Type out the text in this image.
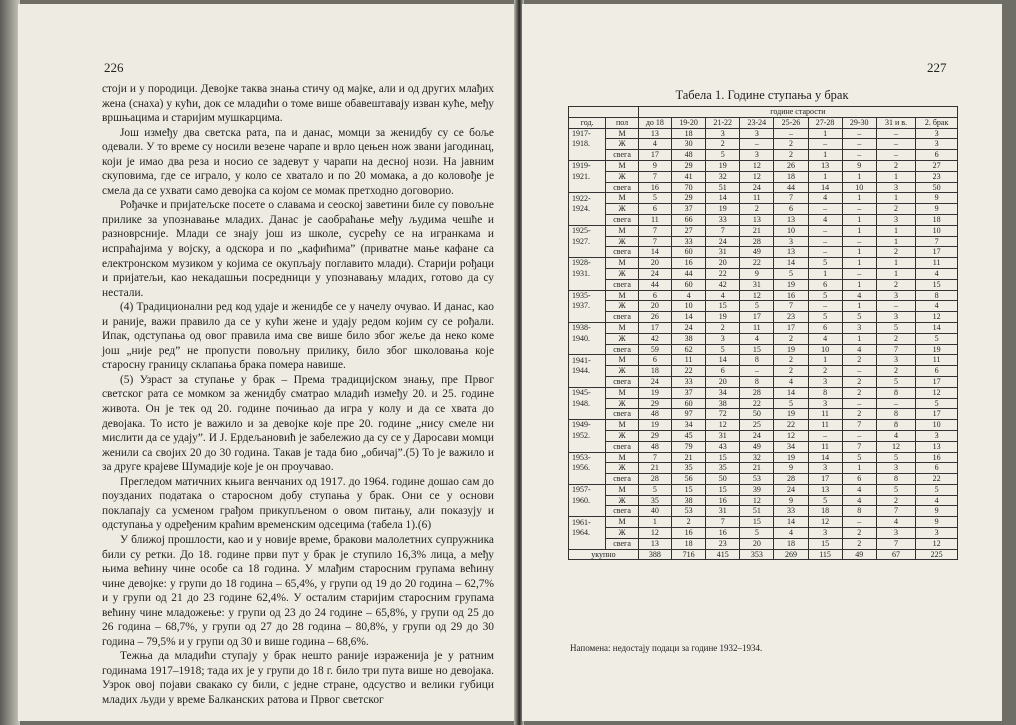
226

стоји и у породици. Девојке таква знања стичу од мајке, али и од других млађих жена (снаха) у кући, док се младићи о томе више обавештавају изван куће, међу вршњацима и старијим мушкарцима.

Још између два светска рата, па и данас, момци за женидбу су се боље одевали. У то време су носили везене чарапе и врло цењен нож звани јагодинац, који је имао два реза и носио се задевут у чарапи на десној нози. На јавним скуповима, где се играло, у коло се хватало и по 20 момака, а до коловође је смела да се ухвати само девојка са којом се момак претходно договорио.

Рођачке и пријатељске посете о славама и сеоској заветини биле су повољне прилике за упознавање младих. Данас је саобраћање међу људима чешће и разноврсније. Млади се знају још из школе, сусрећу се на игранкама и испраћајима у војску, а одскора и по „кафићима” (приватне мање кафане са електронском музиком у којима се окупљају поглавито млади). Старији рођаци и пријатељи, као некадашњи посредници у упознавању младих, готово да су нестали.

(4) Традиционални ред код удаје и женидбе се у начелу очувао. И данас, као и раније, важи правило да се у кући жене и удају редом којим су се рођали. Ипак, одступања од овог правила има све више било због жеље да неко коме још „није ред” не пропусти повољну прилику, било због школовања које старосну границу склапања брака помера навише.

(5) Узраст за ступање у брак – Према традицијском знању, пре Првог светског рата се момком за женидбу сматрао младић између 20. и 25. године живота. Он је тек од 20. године почињао да игра у колу и да се хвата до девојака. То исто је важило и за девојке које пре 20. године „нису смеле ни мислити да се удају”. И Ј. Ердељановић је забележио да су се у Даросави момци женили са својих 20 до 30 година. Такав је тада био „обичај”.(5) То је важило и за друге крајеве Шумадије које је он проучавао.

Прегледом матичних књига венчаних од 1917. до 1964. године дошао сам до поузданих података о старосном добу ступања у брак. Они се у основи поклапају са усменом грађом прикупљеном о овом питању, али показују и одступања у одређеним краћим временским одсецима (табела 1).(6)

У ближој прошлости, као и у новије време, бракови малолетних супружника били су ретки. До 18. године први пут у брак је ступило 16,3% лица, а међу њима већину чине особе са 18 година. У млађим старосним групама већину чине девојке: у групи до 18 година – 65,4%, у групи од 19 до 20 година – 62,7% и у групи од 21 до 23 године 62,4%. У осталим старијим старосним групама већину чине младожење: у групи од 23 до 24 године – 65,8%, у групи од 25 до 26 година – 68,7%, у групи од 27 до 28 година – 80,8%, у групи од 29 до 30 година – 79,5% и у групи од 30 и више година – 68,6%.

Тежња да младићи ступају у брак нешто раније израженија је у ратним годинама 1917–1918; тада их је у групи до 18 г. било три пута више но девојака. Узрок овој појави свакако су били, с једне стране, одсуство и велики губици младих људи у време Балканских ратова и Првог светског

227
Табела 1. Године ступања у брак
		године старости								
год.	пол	до 18	19-20	21-22	23-24	25-26	27-28	29-30	31 и в.	2. брак
1917-	М	13	18	3	3	–	1	–	–	3
1918.	Ж	4	30	2	–	2	–	–	–	3
	свега	17	48	5	3	2	1	–	–	6
1919-	М	9	29	19	12	26	13	9	2	27
1921.	Ж	7	41	32	12	18	1	1	1	23
	свега	16	70	51	24	44	14	10	3	50
1922-	М	5	29	14	11	7	4	1	1	9
1924.	Ж	6	37	19	2	6	–	–	2	9
	свега	11	66	33	13	13	4	1	3	18
1925-	М	7	27	7	21	10	–	1	1	10
1927.	Ж	7	33	24	28	3	–	–	1	7
	свега	14	60	31	49	13	–	1	2	17
1928-	М	20	16	20	22	14	5	1	1	11
1931.	Ж	24	44	22	9	5	1	–	1	4
	свега	44	60	42	31	19	6	1	2	15
1935-	М	6	4	4	12	16	5	4	3	8
1937.	Ж	20	10	15	5	7	–	1	–	4
	свега	26	14	19	17	23	5	5	3	12
1938-	М	17	24	2	11	17	6	3	5	14
1940.	Ж	42	38	3	4	2	4	1	2	5
	свега	59	62	5	15	19	10	4	7	19
1941-	М	6	11	14	8	2	1	2	3	11
1944.	Ж	18	22	6	–	2	2	–	2	6
	свега	24	33	20	8	4	3	2	5	17
1945-	М	19	37	34	28	14	8	2	8	12
1948.	Ж	29	60	38	22	5	3	–	–	5
	свега	48	97	72	50	19	11	2	8	17
1949-	М	19	34	12	25	22	11	7	8	10
1952.	Ж	29	45	31	24	12	–	–	4	3
	свега	48	79	43	49	34	11	7	12	13
1953-	М	7	21	15	32	19	14	5	5	16
1956.	Ж	21	35	35	21	9	3	1	3	6
	свега	28	56	50	53	28	17	6	8	22
1957-	М	5	15	15	39	24	13	4	5	5
1960.	Ж	35	38	16	12	9	5	4	2	4
	свега	40	53	31	51	33	18	8	7	9
1961-	М	1	2	7	15	14	12	–	4	9
1964.	Ж	12	16	16	5	4	3	2	3	3
	свега	13	18	23	20	18	15	2	7	12
укупно		388	716	415	353	269	115	49	67	225
Напомена: недостају подаци за године 1932–1934.
